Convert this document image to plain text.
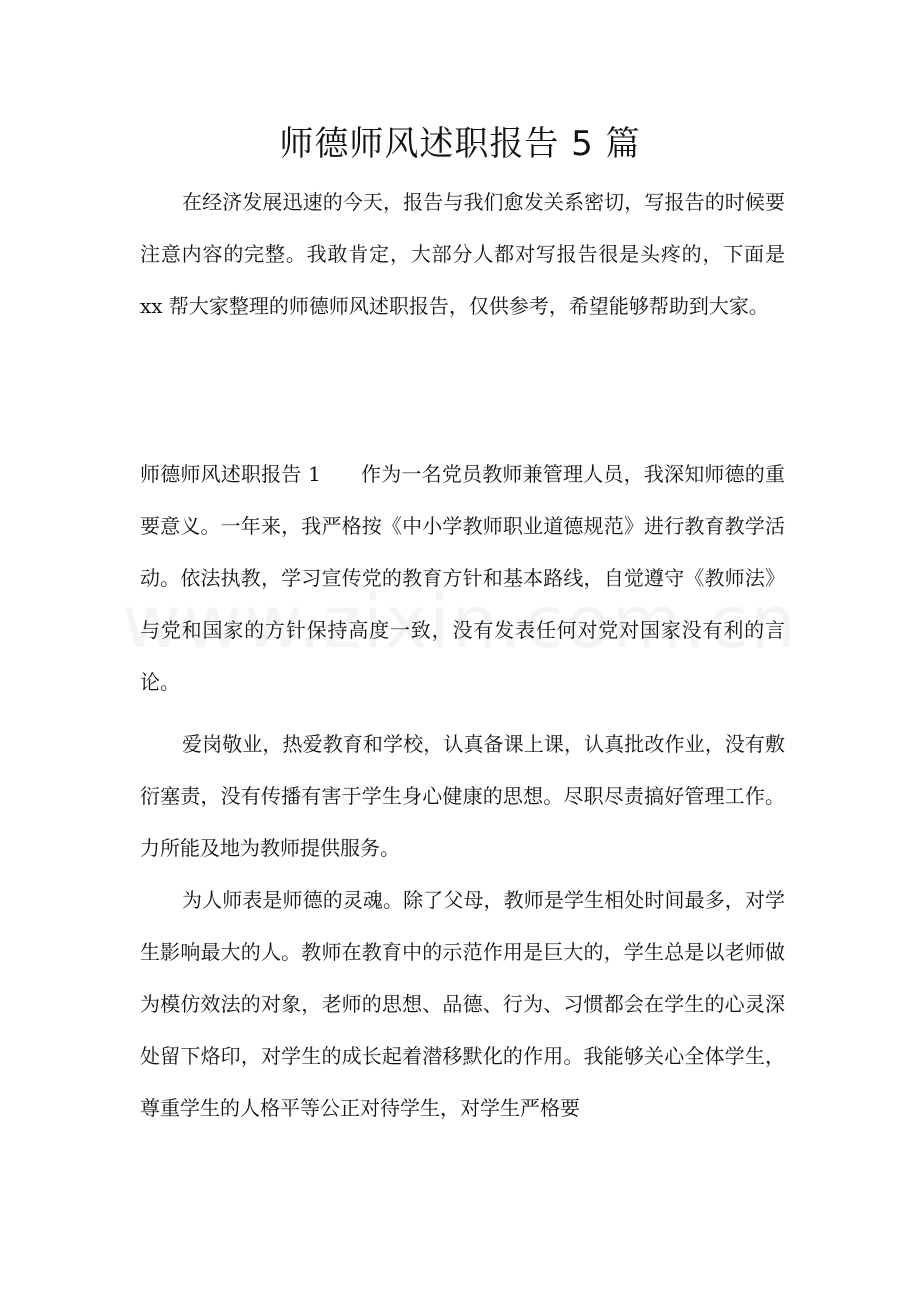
师德师风述职报告 5 篇

在经济发展迅速的今天，报告与我们愈发关系密切，写报告的时候要注意内容的完整。我敢肯定，大部分人都对写报告很是头疼的，下面是 xx 帮大家整理的师德师风述职报告，仅供参考，希望能够帮助到大家。

师德师风述职报告 1 作为一名党员教师兼管理人员，我深知师德的重要意义。一年来，我严格按《中小学教师职业道德规范》进行教育教学活动。依法执教，学习宣传党的教育方针和基本路线，自觉遵守《教师法》与党和国家的方针保持高度一致，没有发表任何对党对国家没有利的言论。

爱岗敬业，热爱教育和学校，认真备课上课，认真批改作业，没有敷衍塞责，没有传播有害于学生身心健康的思想。尽职尽责搞好管理工作。力所能及地为教师提供服务。

为人师表是师德的灵魂。除了父母，教师是学生相处时间最多，对学生影响最大的人。教师在教育中的示范作用是巨大的，学生总是以老师做为模仿效法的对象，老师的思想、品德、行为、习惯都会在学生的心灵深处留下烙印，对学生的成长起着潜移默化的作用。我能够关心全体学生，尊重学生的人格平等公正对待学生，对学生严格要
